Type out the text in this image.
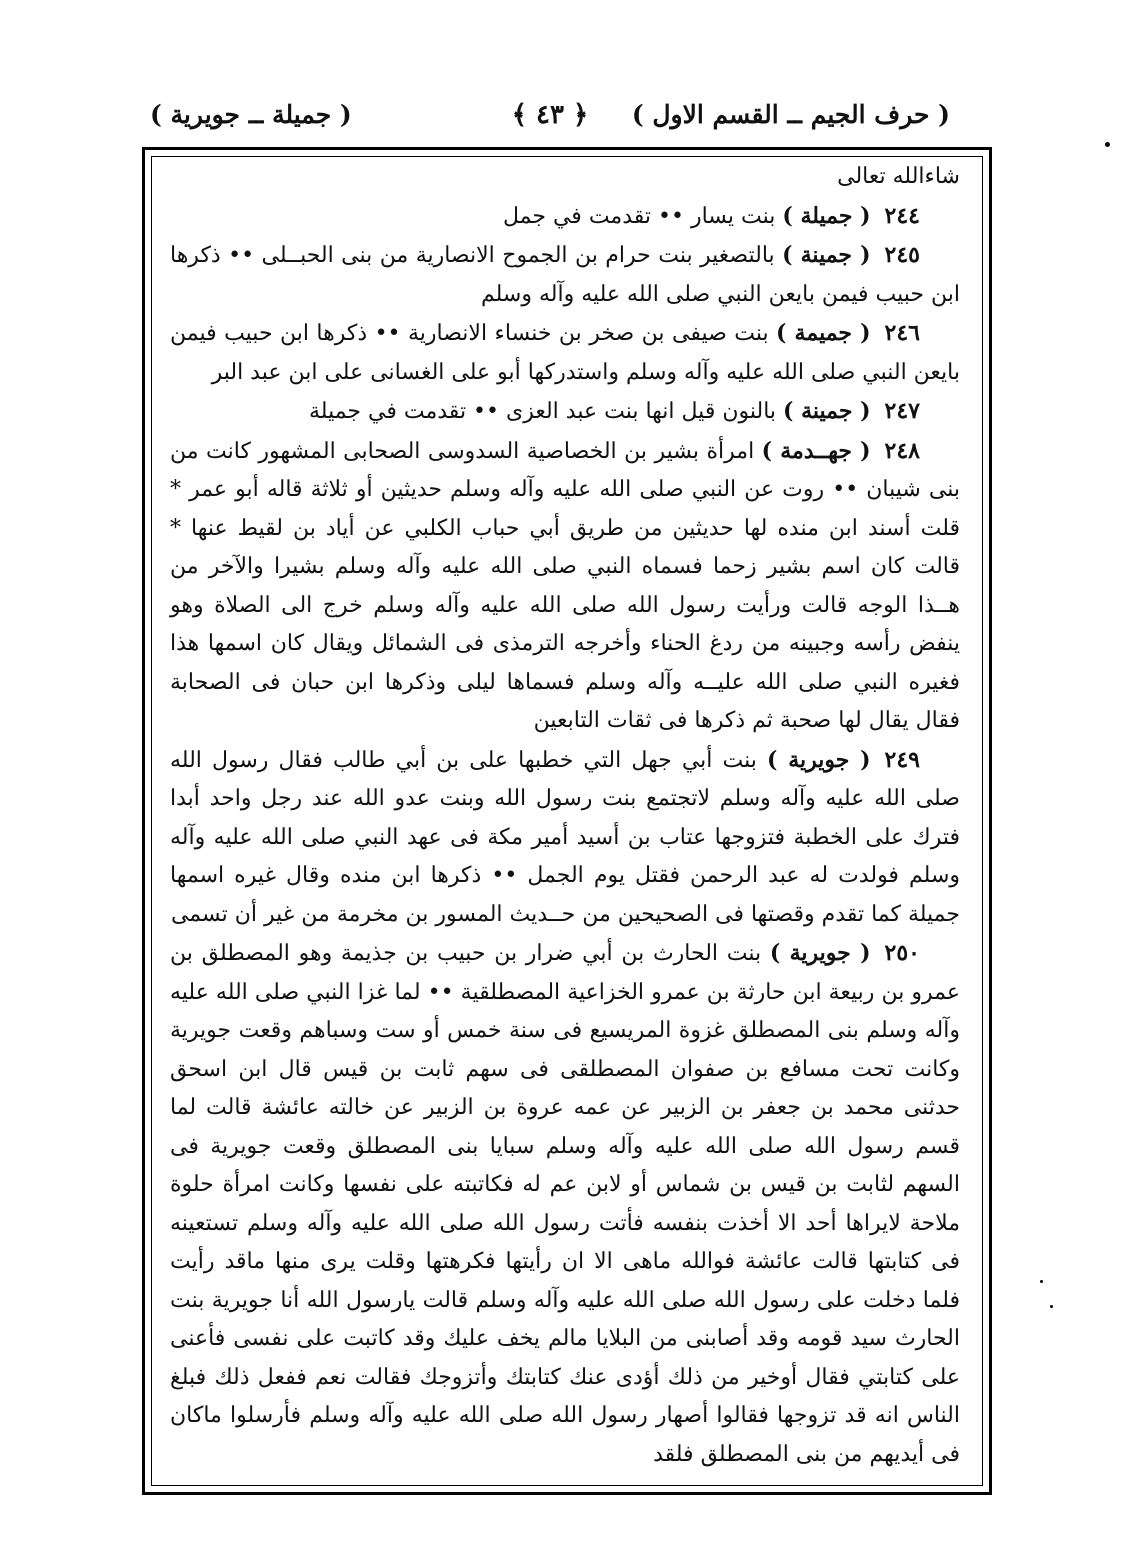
( حرف الجيم ــ القسم الاول )
﴿ ٤٣ ﴾
( جميلة ــ جويرية )

شاءالله تعالى

٢٤٤( جميلة ) بنت يسار •• تقدمت في جمل

٢٤٥( جمينة ) بالتصغير بنت حرام بن الجموح الانصارية من بنى الحبــلى •• ذكرها ابن حبيب فيمن بايعن النبي صلى الله عليه وآله وسلم

٢٤٦( جميمة ) بنت صيفى بن صخر بن خنساء الانصارية •• ذكرها ابن حبيب فيمن بايعن النبي صلى الله عليه وآله وسلم واستدركها أبو على الغسانى على ابن عبد البر

٢٤٧( جمينة ) بالنون قيل انها بنت عبد العزى •• تقدمت في جميلة

٢٤٨( جهــدمة ) امرأة بشير بن الخصاصية السدوسى الصحابى المشهور كانت من بنى شيبان •• روت عن النبي صلى الله عليه وآله وسلم حديثين أو ثلاثة قاله أبو عمر * قلت أسند ابن منده لها حديثين من طريق أبي حباب الكلبي عن أياد بن لقيط عنها * قالت كان اسم بشير زحما فسماه النبي صلى الله عليه وآله وسلم بشيرا والآخر من هــذا الوجه قالت ورأيت رسول الله صلى الله عليه وآله وسلم خرج الى الصلاة وهو ينفض رأسه وجبينه من ردغ الحناء وأخرجه الترمذى فى الشمائل ويقال كان اسمها هذا فغيره النبي صلى الله عليــه وآله وسلم فسماها ليلى وذكرها ابن حبان فى الصحابة فقال يقال لها صحبة ثم ذكرها فى ثقات التابعين

٢٤٩( جويرية ) بنت أبي جهل التي خطبها على بن أبي طالب فقال رسول الله صلى الله عليه وآله وسلم لاتجتمع بنت رسول الله وبنت عدو الله عند رجل واحد أبدا فترك على الخطبة فتزوجها عتاب بن أسيد أمير مكة فى عهد النبي صلى الله عليه وآله وسلم فولدت له عبد الرحمن فقتل يوم الجمل •• ذكرها ابن منده وقال غيره اسمها جميلة كما تقدم وقصتها فى الصحيحين من حــديث المسور بن مخرمة من غير أن تسمى

٢٥٠( جويرية ) بنت الحارث بن أبي ضرار بن حبيب بن جذيمة وهو المصطلق بن عمرو بن ربيعة ابن حارثة بن عمرو الخزاعية المصطلقية •• لما غزا النبي صلى الله عليه وآله وسلم بنى المصطلق غزوة المريسيع فى سنة خمس أو ست وسباهم وقعت جويرية وكانت تحت مسافع بن صفوان المصطلقى فى سهم ثابت بن قيس قال ابن اسحق حدثنى محمد بن جعفر بن الزبير عن عمه عروة بن الزبير عن خالته عائشة قالت لما قسم رسول الله صلى الله عليه وآله وسلم سبايا بنى المصطلق وقعت جويرية فى السهم لثابت بن قيس بن شماس أو لابن عم له فكاتبته على نفسها وكانت امرأة حلوة ملاحة لايراها أحد الا أخذت بنفسه فأتت رسول الله صلى الله عليه وآله وسلم تستعينه فى كتابتها قالت عائشة فوالله ماهى الا ان رأيتها فكرهتها وقلت يرى منها ماقد رأيت فلما دخلت على رسول الله صلى الله عليه وآله وسلم قالت يارسول الله أنا جويرية بنت الحارث سيد قومه وقد أصابنى من البلايا مالم يخف عليك وقد كاتبت على نفسى فأعنى على كتابتي فقال أوخير من ذلك أؤدى عنك كتابتك وأتزوجك فقالت نعم ففعل ذلك فبلغ الناس انه قد تزوجها فقالوا أصهار رسول الله صلى الله عليه وآله وسلم فأرسلوا ماكان فى أيديهم من بنى المصطلق فلقد
